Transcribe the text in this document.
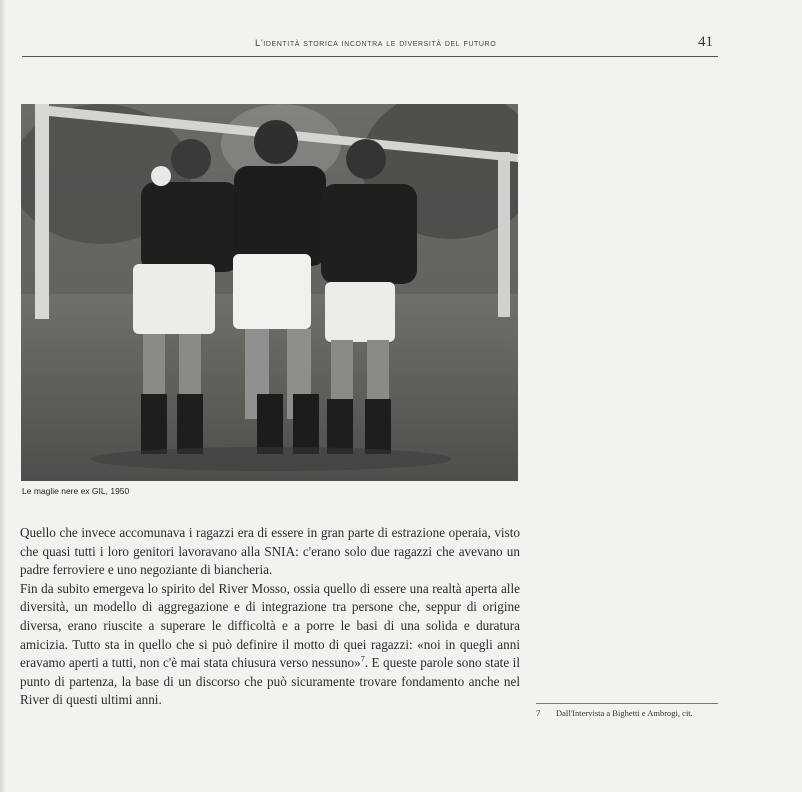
L'identità storica incontra le diversità del futuro	41
Le maglie nere ex GIL, 1950

Quello che invece accomunava i ragazzi era di essere in gran parte di estrazione operaia, visto che quasi tutti i loro genitori lavoravano alla SNIA: c'erano solo due ragazzi che avevano un padre ferroviere e uno negoziante di biancheria.

Fin da subito emergeva lo spirito del River Mosso, ossia quello di essere una realtà aperta alle diversità, un modello di aggregazione e di integrazione tra persone che, seppur di origine diversa, erano riuscite a superare le difficoltà e a porre le basi di una solida e duratura amicizia. Tutto sta in quello che si può definire il motto di quei ragazzi: «noi in quegli anni eravamo aperti a tutti, non c'è mai stata chiusura verso nessuno»$^7$. E queste parole sono state il punto di partenza, la base di un discorso che può sicuramente trovare fondamento anche nel River di questi ultimi anni.

7 Dall'Intervista a Bighetti e Ambrogi, cit.
